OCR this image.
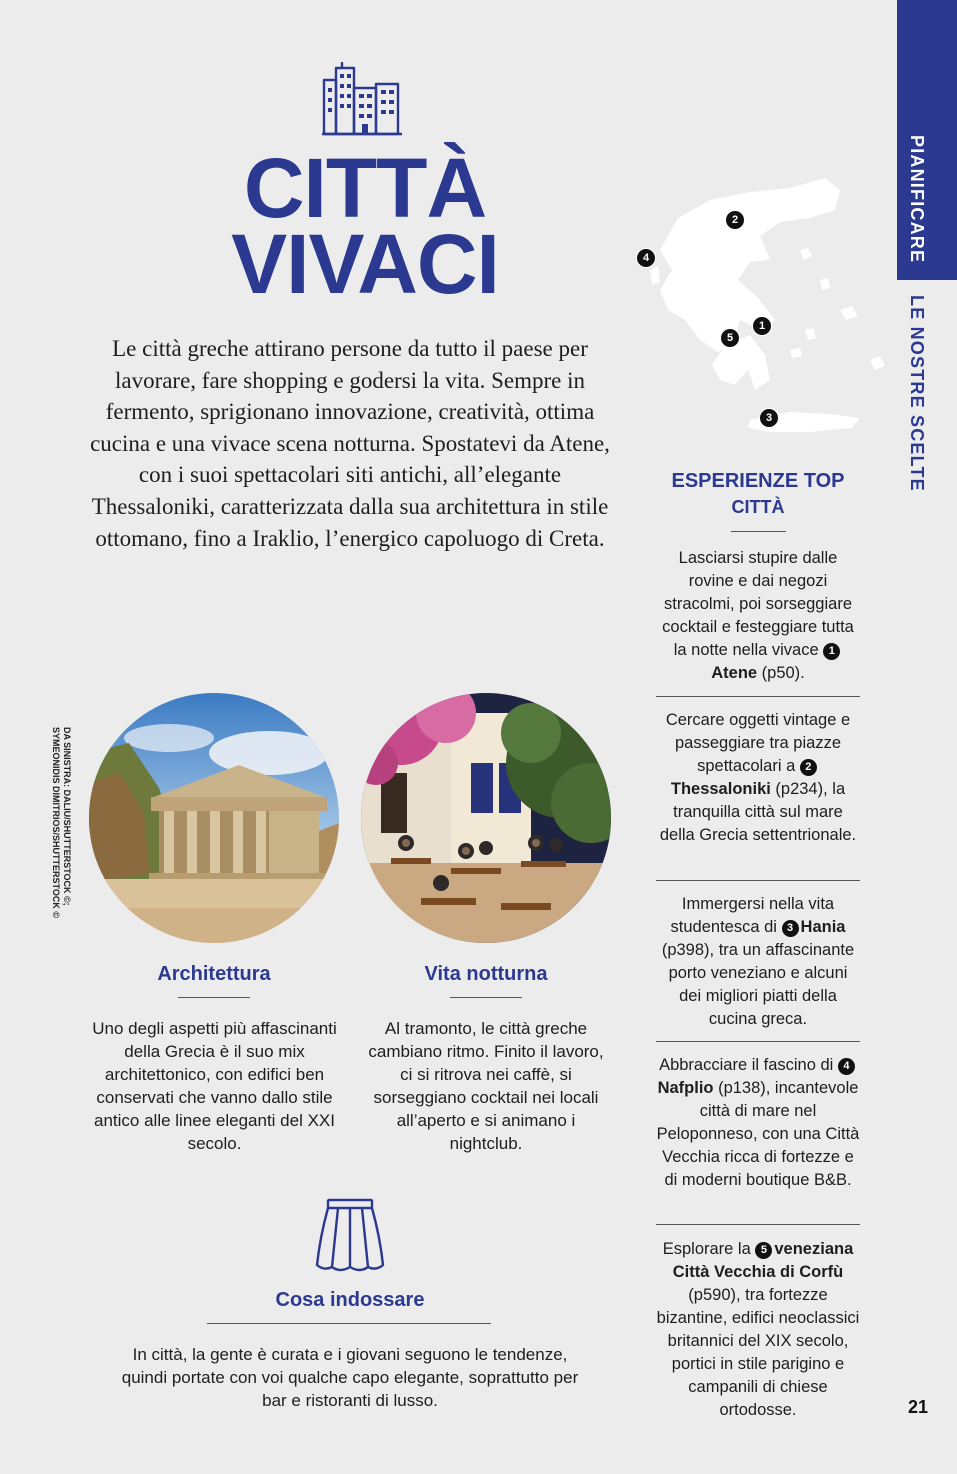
PIANIFICARE
LE NOSTRE SCELTE
CITTÀ
VIVACI
Le città greche attirano persone da tutto il paese per lavorare, fare shopping e godersi la vita. Sempre in fermento, sprigionano innovazione, creatività, ottima cucina e una vivace scena notturna. Spostatevi da Atene, con i suoi spettacolari siti antichi, all’elegante Thessaloniki, caratterizzata dalla sua architettura in stile ottomano, fino a Iraklio, l’energico capoluogo di Creta.
DA SINISTRA: DALIU/SHUTTERSTOCK ©;
SYMEONIDIS DIMITRIOS/SHUTTERSTOCK ©
Architettura
Uno degli aspetti più affascinanti della Grecia è il suo mix architettonico, con edifici ben conservati che vanno dallo stile antico alle linee eleganti del XXI secolo.
Vita notturna
Al tramonto, le città greche cambiano ritmo. Finito il lavoro, ci si ritrova nei caffè, si sorseggiano cocktail nei locali all’aperto e si animano i nightclub.
Cosa indossare
In città, la gente è curata e i giovani seguono le tendenze, quindi portate con voi qualche capo elegante, soprattutto per bar e ristoranti di lusso.
1
2
3
4
5
ESPERIENZE TOP
CITTÀ
Lasciarsi stupire dalle rovine e dai negozi stracolmi, poi sorseggiare cocktail e festeggiare tutta la notte nella vivace 1Atene (p50).
Cercare oggetti vintage e passeggiare tra piazze spettacolari a 2Thessaloniki (p234), la tranquilla città sul mare della Grecia settentrionale.
Immergersi nella vita studentesca di 3 Hania (p398), tra un affascinante porto veneziano e alcuni dei migliori piatti della cucina greca.
Abbracciare il fascino di 4Nafplio (p138), incantevole città di mare nel Peloponneso, con una Città Vecchia ricca di fortezze e di moderni boutique B&B.
Esplorare la 5 veneziana Città Vecchia di Corfù (p590), tra fortezze bizantine, edifici neoclassici britannici del XIX secolo, portici in stile parigino e campanili di chiese ortodosse.	21
